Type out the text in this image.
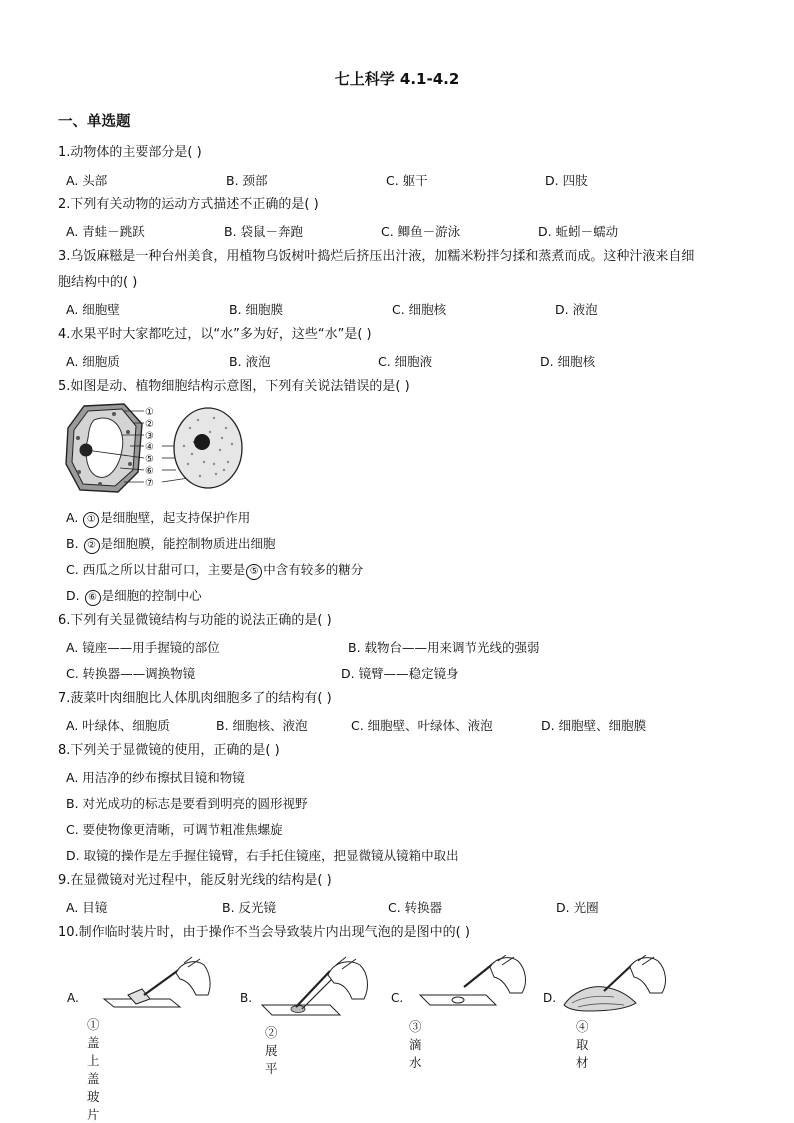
七上科学 4.1-4.2
一、单选题
1.动物体的主要部分是( )
A. 头部	B. 颈部	C. 躯干	D. 四肢
2.下列有关动物的运动方式描述不正确的是( )
A. 青蛙－跳跃	B. 袋鼠－奔跑	C. 鲫鱼－游泳	D. 蚯蚓－蠕动
3.乌饭麻糍是一种台州美食，用植物乌饭树叶捣烂后挤压出汁液，加糯米粉拌匀揉和蒸煮而成。这种汁液来自细
胞结构中的( )
A. 细胞壁	B. 细胞膜	C. 细胞核	D. 液泡
4.水果平时大家都吃过，以“水”多为好，这些“水”是( )
A. 细胞质	B. 液泡	C. 细胞液	D. 细胞核
5.如图是动、植物细胞结构示意图，下列有关说法错误的是( )
①
②
③
④
⑤
⑥
⑦
A. ① 是细胞壁，起支持保护作用
B. ② 是细胞膜，能控制物质进出细胞
C. 西瓜之所以甘甜可口，主要是 ⑤ 中含有较多的糖分
D. ⑥ 是细胞的控制中心
6.下列有关显微镜结构与功能的说法正确的是( )
A. 镜座——用手握镜的部位	B. 载物台——用来调节光线的强弱
C. 转换器——调换物镜	D. 镜臂——稳定镜身
7.菠菜叶肉细胞比人体肌肉细胞多了的结构有( )
A. 叶绿体、细胞质	B. 细胞核、液泡	C. 细胞壁、叶绿体、液泡	D. 细胞壁、细胞膜
8.下列关于显微镜的使用，正确的是( )
A. 用洁净的纱布擦拭目镜和物镜
B. 对光成功的标志是要看到明亮的圆形视野
C. 要使物像更清晰，可调节粗准焦螺旋
D. 取镜的操作是左手握住镜臂，右手托住镜座，把显微镜从镜箱中取出
9.在显微镜对光过程中，能反射光线的结构是( )
A. 目镜	B. 反光镜	C. 转换器	D. 光圈
10.制作临时装片时，由于操作不当会导致装片内出现气泡的是图中的( )
A.
①盖上盖玻片
B.
②展平
C.
③滴水
D.
④取材
